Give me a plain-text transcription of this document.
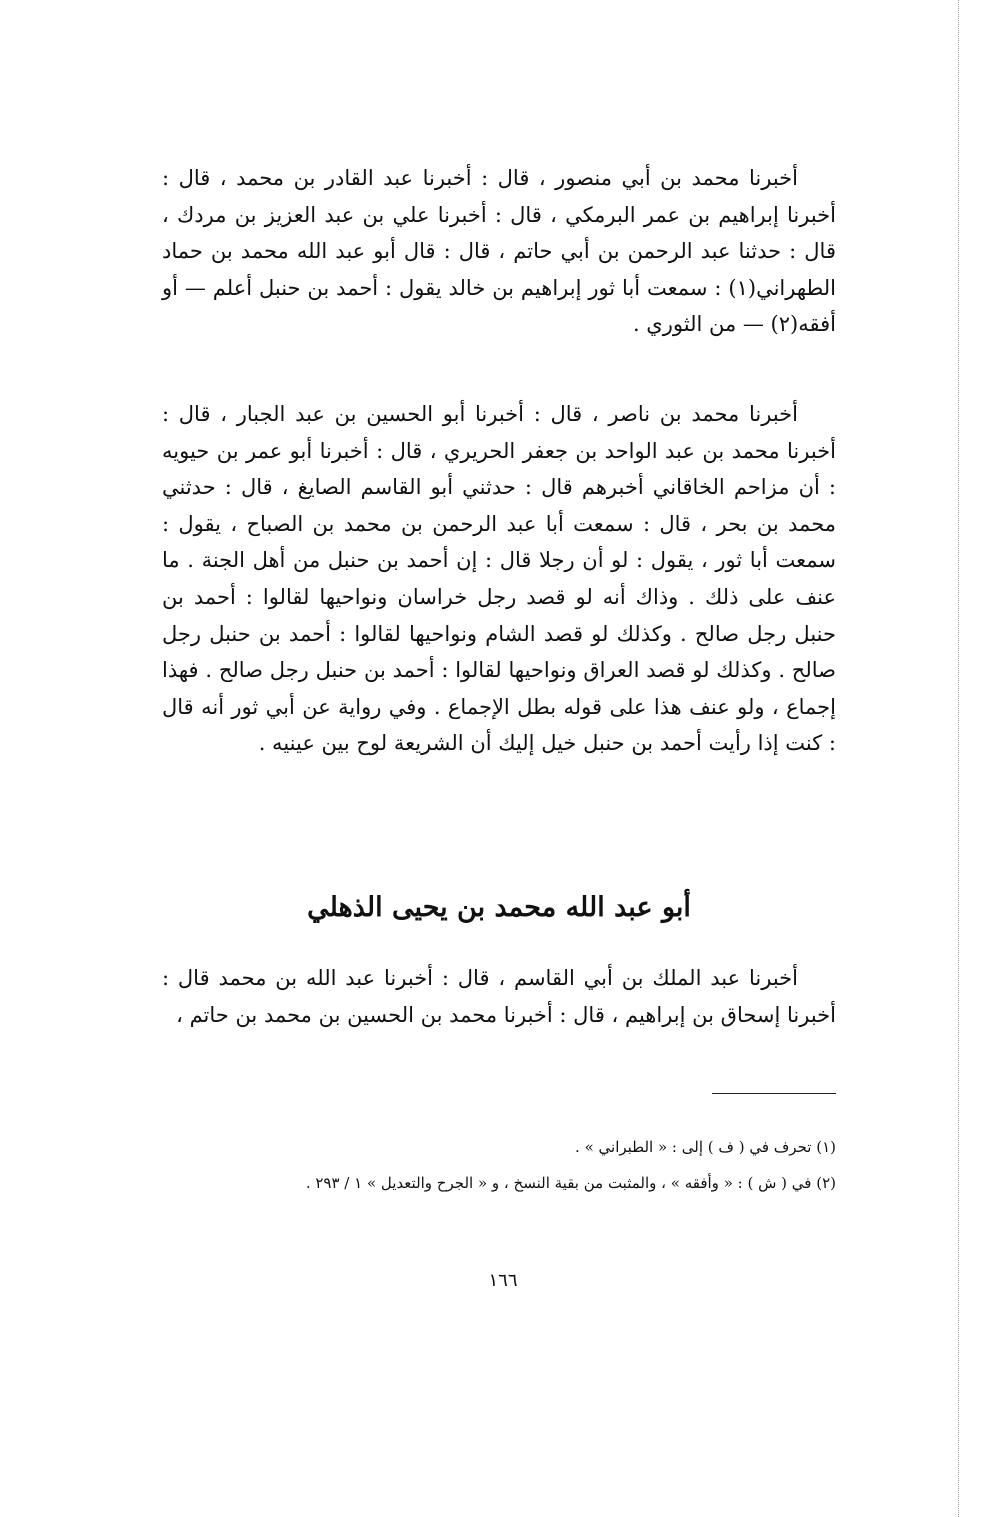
أخبرنا محمد بن أبي منصور ، قال : أخبرنا عبد القادر بن محمد ، قال : أخبرنا إبراهيم بن عمر البرمكي ، قال : أخبرنا علي بن عبد العزيز بن مردك ، قال : حدثنا عبد الرحمن بن أبي حاتم ، قال : قال أبو عبد الله محمد بن حماد الطهراني(١) : سمعت أبا ثور إبراهيم بن خالد يقول : أحمد بن حنبل أعلم — أو أفقه(٢) — من الثوري .

أخبرنا محمد بن ناصر ، قال : أخبرنا أبو الحسين بن عبد الجبار ، قال : أخبرنا محمد بن عبد الواحد بن جعفر الحريري ، قال : أخبرنا أبو عمر بن حيويه : أن مزاحم الخاقاني أخبرهم قال : حدثني أبو القاسم الصايغ ، قال : حدثني محمد بن بحر ، قال : سمعت أبا عبد الرحمن بن محمد بن الصباح ، يقول : سمعت أبا ثور ، يقول : لو أن رجلا قال : إن أحمد بن حنبل من أهل الجنة . ما عنف على ذلك . وذاك أنه لو قصد رجل خراسان ونواحيها لقالوا : أحمد بن حنبل رجل صالح . وكذلك لو قصد الشام ونواحيها لقالوا : أحمد بن حنبل رجل صالح . وكذلك لو قصد العراق ونواحيها لقالوا : أحمد بن حنبل رجل صالح . فهذا إجماع ، ولو عنف هذا على قوله بطل الإجماع . وفي رواية عن أبي ثور أنه قال : كنت إذا رأيت أحمد بن حنبل خيل إليك أن الشريعة لوح بين عينيه .

أبو عبد الله محمد بن يحيى الذهلي

أخبرنا عبد الملك بن أبي القاسم ، قال : أخبرنا عبد الله بن محمد قال : أخبرنا إسحاق بن إبراهيم ، قال : أخبرنا محمد بن الحسين بن محمد بن حاتم ،

(١) تحرف في ( ف ) إلى : « الطبراني » .

(٢) في ( ش ) : « وأفقه » ، والمثبت من بقية النسخ ، و « الجرح والتعديل » ١ / ٢٩٣ .

١٦٦
